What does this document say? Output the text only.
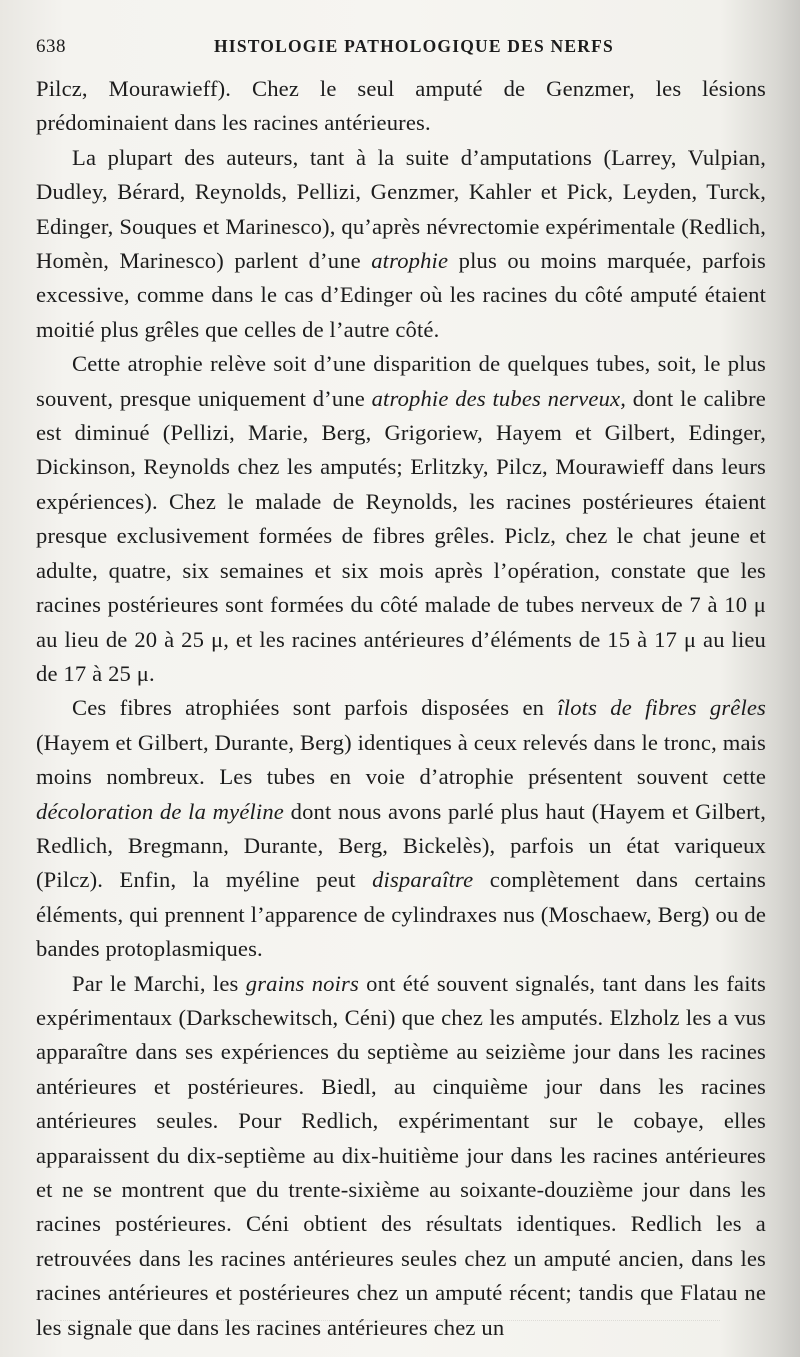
638	HISTOLOGIE PATHOLOGIQUE DES NERFS

Pilcz, Mourawieff). Chez le seul amputé de Genzmer, les lésions prédominaient dans les racines antérieures.

La plupart des auteurs, tant à la suite d’amputations (Larrey, Vulpian, Dudley, Bérard, Reynolds, Pellizi, Genzmer, Kahler et Pick, Leyden, Turck, Edinger, Souques et Marinesco), qu’après névrectomie expérimentale (Redlich, Homèn, Marinesco) parlent d’une atrophie plus ou moins marquée, parfois excessive, comme dans le cas d’Edinger où les racines du côté amputé étaient moitié plus grêles que celles de l’autre côté.

Cette atrophie relève soit d’une disparition de quelques tubes, soit, le plus souvent, presque uniquement d’une atrophie des tubes nerveux, dont le calibre est diminué (Pellizi, Marie, Berg, Grigoriew, Hayem et Gilbert, Edinger, Dickinson, Reynolds chez les amputés; Erlitzky, Pilcz, Mourawieff dans leurs expériences). Chez le malade de Reynolds, les racines postérieures étaient presque exclusivement formées de fibres grêles. Piclz, chez le chat jeune et adulte, quatre, six semaines et six mois après l’opération, constate que les racines postérieures sont formées du côté malade de tubes nerveux de 7 à 10 μ au lieu de 20 à 25 μ, et les racines antérieures d’éléments de 15 à 17 μ au lieu de 17 à 25 μ.

Ces fibres atrophiées sont parfois disposées en îlots de fibres grêles (Hayem et Gilbert, Durante, Berg) identiques à ceux relevés dans le tronc, mais moins nombreux. Les tubes en voie d’atrophie présentent souvent cette décoloration de la myéline dont nous avons parlé plus haut (Hayem et Gilbert, Redlich, Bregmann, Durante, Berg, Bickelès), parfois un état variqueux (Pilcz). Enfin, la myéline peut disparaître complètement dans certains éléments, qui prennent l’apparence de cylindraxes nus (Moschaew, Berg) ou de bandes protoplasmiques.

Par le Marchi, les grains noirs ont été souvent signalés, tant dans les faits expérimentaux (Darkschewitsch, Céni) que chez les amputés. Elzholz les a vus apparaître dans ses expériences du septième au seizième jour dans les racines antérieures et postérieures. Biedl, au cinquième jour dans les racines antérieures seules. Pour Redlich, expérimentant sur le cobaye, elles apparaissent du dix-septième au dix-huitième jour dans les racines antérieures et ne se montrent que du trente-sixième au soixante-douzième jour dans les racines postérieures. Céni obtient des résultats identiques. Redlich les a retrouvées dans les racines antérieures seules chez un amputé ancien, dans les racines antérieures et postérieures chez un amputé récent; tandis que Flatau ne les signale que dans les racines antérieures chez un
